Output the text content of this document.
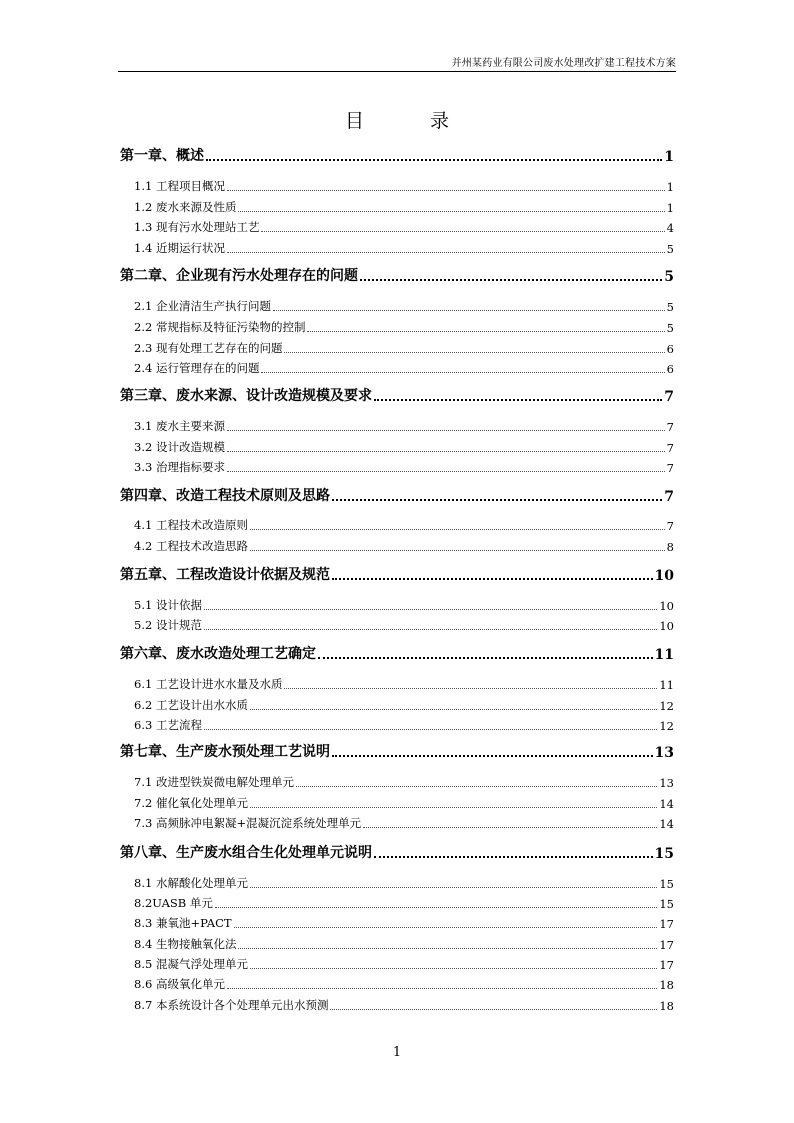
并州某药业有限公司废水处理改扩建工程技术方案
目 录
第一章、概述	1
1.1 工程项目概况	1
1.2 废水来源及性质	1
1.3 现有污水处理站工艺	4
1.4 近期运行状况	5
第二章、企业现有污水处理存在的问题	5
2.1 企业清洁生产执行问题	5
2.2 常规指标及特征污染物的控制	5
2.3 现有处理工艺存在的问题	6
2.4 运行管理存在的问题	6
第三章、废水来源、设计改造规模及要求	7
3.1 废水主要来源	7
3.2 设计改造规模	7
3.3 治理指标要求	7
第四章、改造工程技术原则及思路	7
4.1 工程技术改造原则	7
4.2 工程技术改造思路	8
第五章、工程改造设计依据及规范	10
5.1 设计依据	10
5.2 设计规范	10
第六章、废水改造处理工艺确定	11
6.1 工艺设计进水水量及水质	11
6.2 工艺设计出水水质	12
6.3 工艺流程	12
第七章、生产废水预处理工艺说明	13
7.1 改进型铁炭微电解处理单元	13
7.2 催化氧化处理单元	14
7.3 高频脉冲电絮凝+混凝沉淀系统处理单元	14
第八章、生产废水组合生化处理单元说明	15
8.1 水解酸化处理单元	15
8.2UASB 单元	15
8.3 兼氧池+PACT	17
8.4 生物接触氧化法	17
8.5 混凝气浮处理单元	17
8.6 高级氧化单元	18
8.7 本系统设计各个处理单元出水预测	18
1
